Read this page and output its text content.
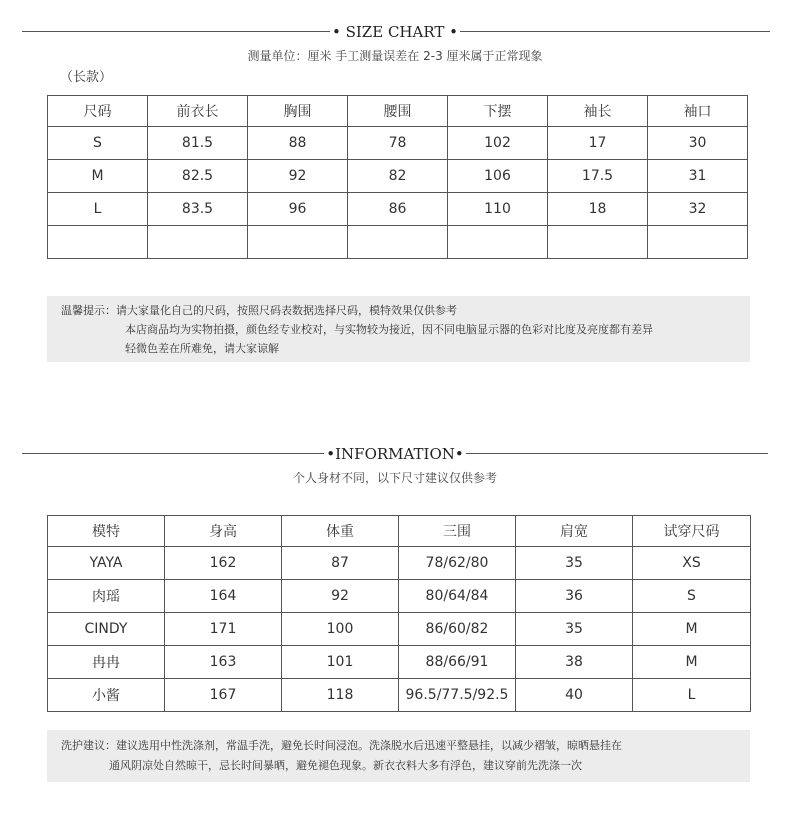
• SIZE CHART •
测量单位：厘米 手工测量误差在 2-3 厘米属于正常现象
（长款）
尺码	前衣长	胸围	腰围	下摆	袖长	袖口
S	81.5	88	78	102	17	30
M	82.5	92	82	106	17.5	31
L	83.5	96	86	110	18	32

温馨提示：请大家量化自己的尺码，按照尺码表数据选择尺码，模特效果仅供参考
本店商品均为实物拍摄，颜色经专业校对，与实物较为接近，因不同电脑显示器的色彩对比度及亮度都有差异
轻微色差在所难免，请大家谅解
•INFORMATION•
个人身材不同，以下尺寸建议仅供参考
模特	身高	体重	三围	肩宽	试穿尺码
YAYA	162	87	78/62/80	35	XS
肉瑶	164	92	80/64/84	36	S
CINDY	171	100	86/60/82	35	M
冉冉	163	101	88/66/91	38	M
小酱	167	118	96.5/77.5/92.5	40	L
洗护建议：建议选用中性洗涤剂，常温手洗，避免长时间浸泡。洗涤脱水后迅速平整悬挂，以减少褶皱，晾晒悬挂在
通风阴凉处自然晾干，忌长时间暴晒，避免褪色现象。新衣衣料大多有浮色，建议穿前先洗涤一次
